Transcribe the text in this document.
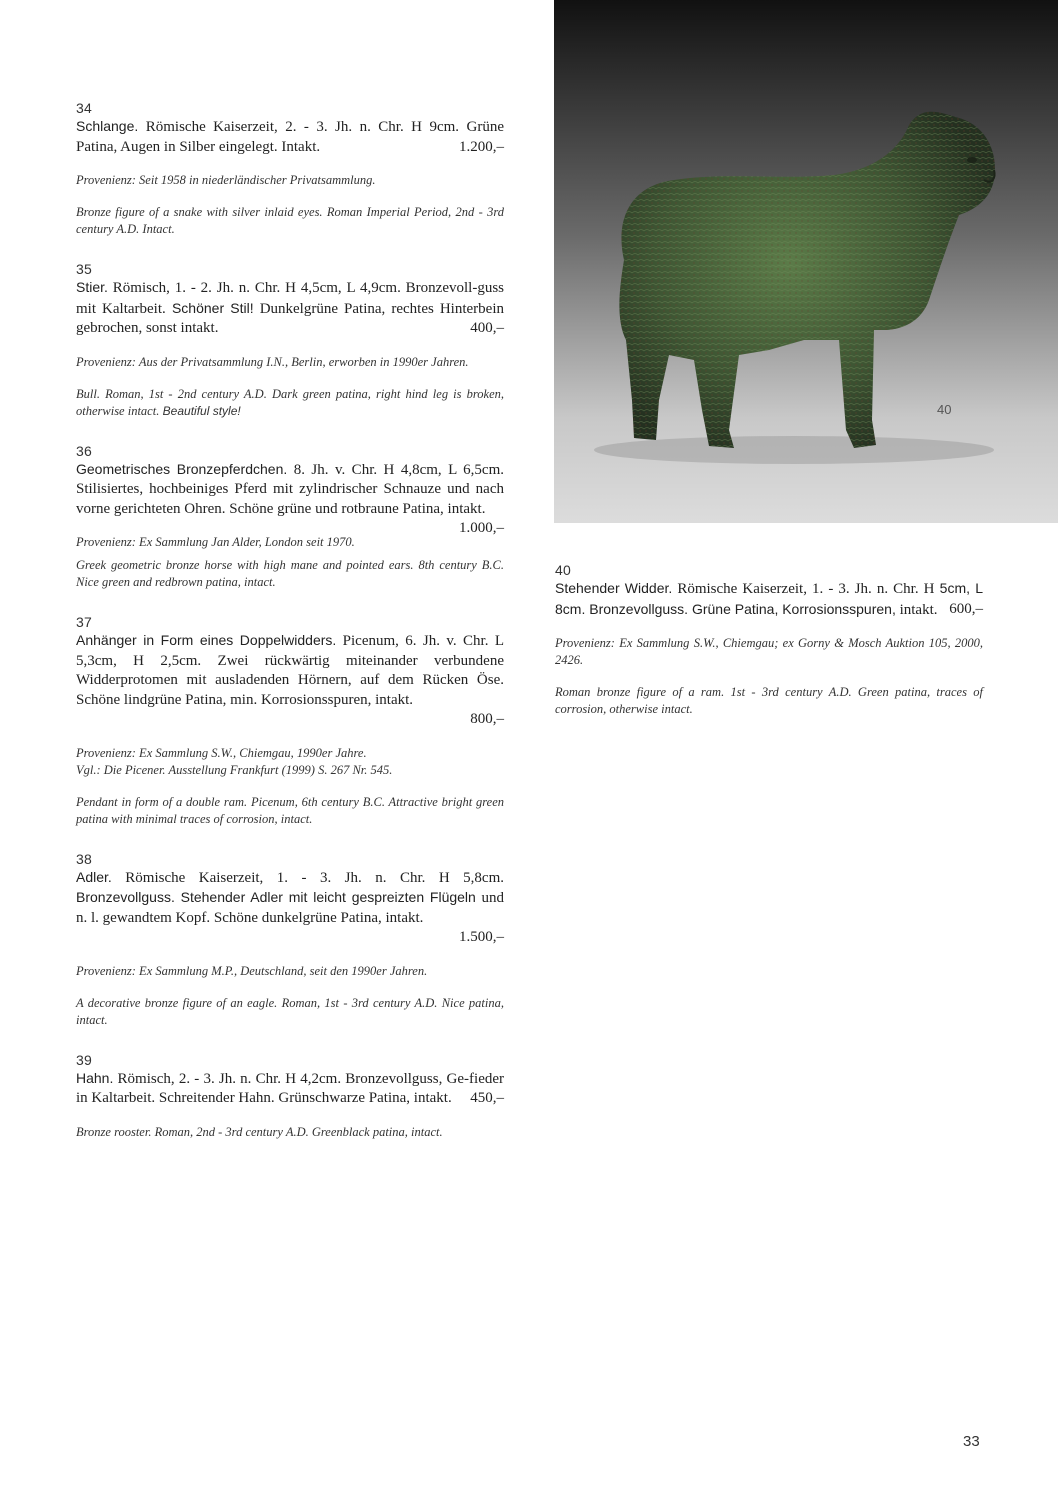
40
34

Schlange. Römische Kaiserzeit, 2. - 3. Jh. n. Chr. H 9cm. Grüne Patina, Augen in Silber eingelegt. Intakt.	1.200,–

Provenienz: Seit 1958 in niederländischer Privatsammlung.

Bronze figure of a snake with silver inlaid eyes. Roman Imperial Period, 2nd - 3rd century A.D. Intact.

35

Stier. Römisch, 1. - 2. Jh. n. Chr. H 4,5cm, L 4,9cm. Bronzevoll-guss mit Kaltarbeit. Schöner Stil! Dunkelgrüne Patina, rechtes Hinterbein gebrochen, sonst intakt.	400,–

Provenienz: Aus der Privatsammlung I.N., Berlin, erworben in 1990er Jahren.

Bull. Roman, 1st - 2nd century A.D. Dark green patina, right hind leg is broken, otherwise intact. Beautiful style!

36

Geometrisches Bronzepferdchen. 8. Jh. v. Chr. H 4,8cm, L 6,5cm. Stilisiertes, hochbeiniges Pferd mit zylindrischer Schnauze und nach vorne gerichteten Ohren. Schöne grüne und rotbraune Patina, intakt.
1.000,–

Provenienz: Ex Sammlung Jan Alder, London seit 1970.

Greek geometric bronze horse with high mane and pointed ears. 8th century B.C. Nice green and redbrown patina, intact.

37

Anhänger in Form eines Doppelwidders. Picenum, 6. Jh. v. Chr. L 5,3cm, H 2,5cm. Zwei rückwärtig miteinander verbundene Widderprotomen mit ausladenden Hörnern, auf dem Rücken Öse. Schöne lindgrüne Patina, min. Korrosionsspuren, intakt.

800,–

Provenienz: Ex Sammlung S.W., Chiemgau, 1990er Jahre.

Vgl.: Die Picener. Ausstellung Frankfurt (1999) S. 267 Nr. 545.

Pendant in form of a double ram. Picenum, 6th century B.C. Attractive bright green patina with minimal traces of corrosion, intact.

38

Adler. Römische Kaiserzeit, 1. - 3. Jh. n. Chr. H 5,8cm. Bronzevollguss. Stehender Adler mit leicht gespreizten Flügeln und n. l. gewandtem Kopf. Schöne dunkelgrüne Patina, intakt.

1.500,–

Provenienz: Ex Sammlung M.P., Deutschland, seit den 1990er Jahren.

A decorative bronze figure of an eagle. Roman, 1st - 3rd century A.D. Nice patina, intact.

39

Hahn. Römisch, 2. - 3. Jh. n. Chr. H 4,2cm. Bronzevollguss, Ge-fieder in Kaltarbeit. Schreitender Hahn. Grünschwarze Patina, intakt. 450,–

Bronze rooster. Roman, 2nd - 3rd century A.D. Greenblack patina, intact.

40

Stehender Widder. Römische Kaiserzeit, 1. - 3. Jh. n. Chr. H 5cm, L 8cm. Bronzevollguss. Grüne Patina, Korrosionsspuren, intakt. 600,–

Provenienz: Ex Sammlung S.W., Chiemgau; ex Gorny & Mosch Auktion 105, 2000, 2426.

Roman bronze figure of a ram. 1st - 3rd century A.D. Green patina, traces of corrosion, otherwise intact.

33
